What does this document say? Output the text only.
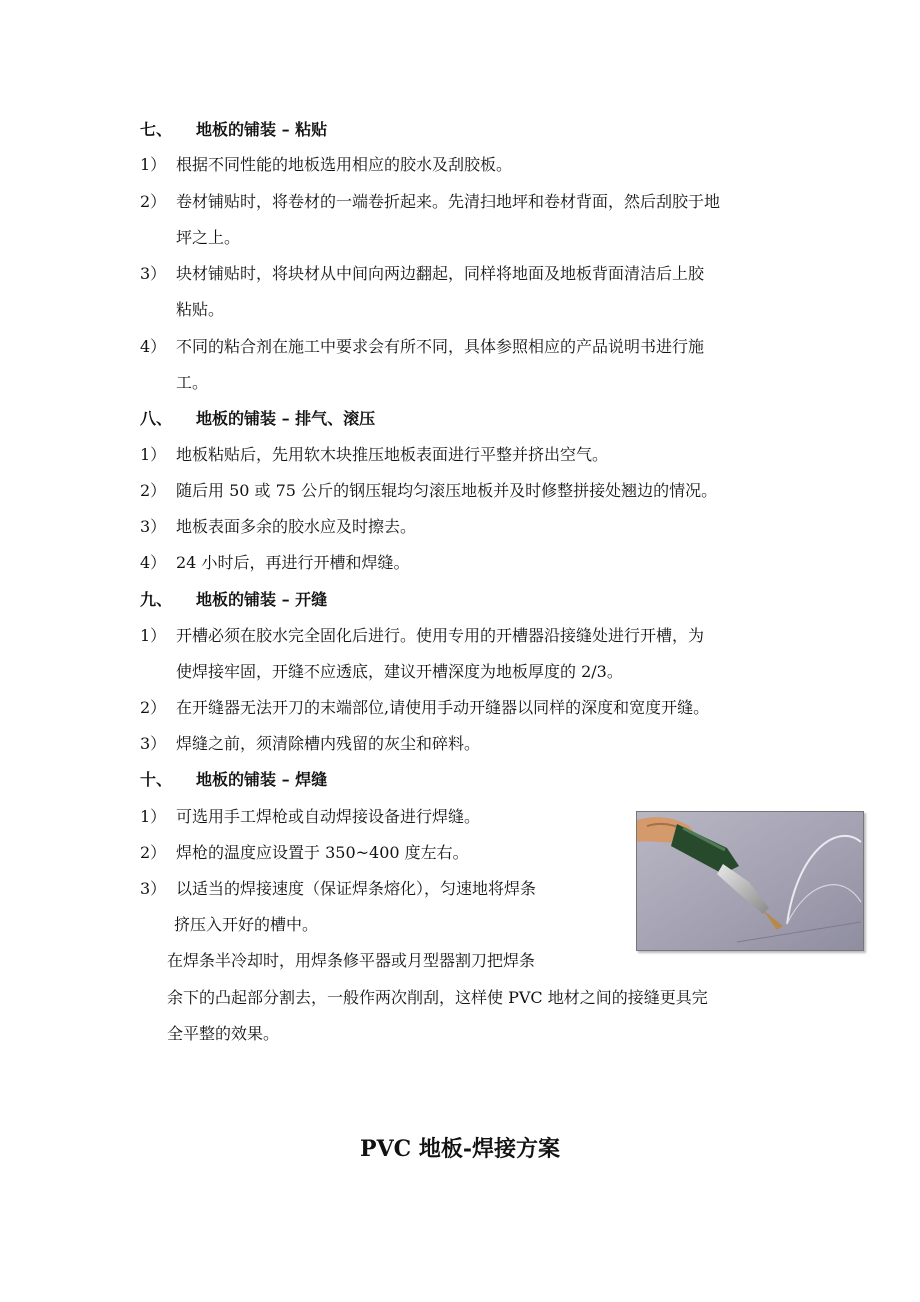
七、 地板的铺装 – 粘贴
1） 根据不同性能的地板选用相应的胶水及刮胶板。
2） 卷材铺贴时，将卷材的一端卷折起来。先清扫地坪和卷材背面，然后刮胶于地
坪之上。
3） 块材铺贴时，将块材从中间向两边翻起，同样将地面及地板背面清洁后上胶
粘贴。
4） 不同的粘合剂在施工中要求会有所不同，具体参照相应的产品说明书进行施
工。
八、 地板的铺装 – 排气、滚压
1） 地板粘贴后，先用软木块推压地板表面进行平整并挤出空气。
2） 随后用 50 或 75 公斤的钢压辊均匀滚压地板并及时修整拼接处翘边的情况。
3） 地板表面多余的胶水应及时擦去。
4） 24 小时后，再进行开槽和焊缝。
九、 地板的铺装 – 开缝
1） 开槽必须在胶水完全固化后进行。使用专用的开槽器沿接缝处进行开槽，为
使焊接牢固，开缝不应透底，建议开槽深度为地板厚度的 2/3。
2） 在开缝器无法开刀的末端部位,请使用手动开缝器以同样的深度和宽度开缝。
3） 焊缝之前，须清除槽内残留的灰尘和碎料。
十、 地板的铺装 – 焊缝
1） 可选用手工焊枪或自动焊接设备进行焊缝。
2） 焊枪的温度应设置于 350~400 度左右。
3） 以适当的焊接速度（保证焊条熔化），匀速地将焊条
挤压入开好的槽中。
在焊条半冷却时，用焊条修平器或月型器割刀把焊条
余下的凸起部分割去，一般作两次削刮，这样使 PVC 地材之间的接缝更具完
全平整的效果。
PVC 地板-焊接方案
